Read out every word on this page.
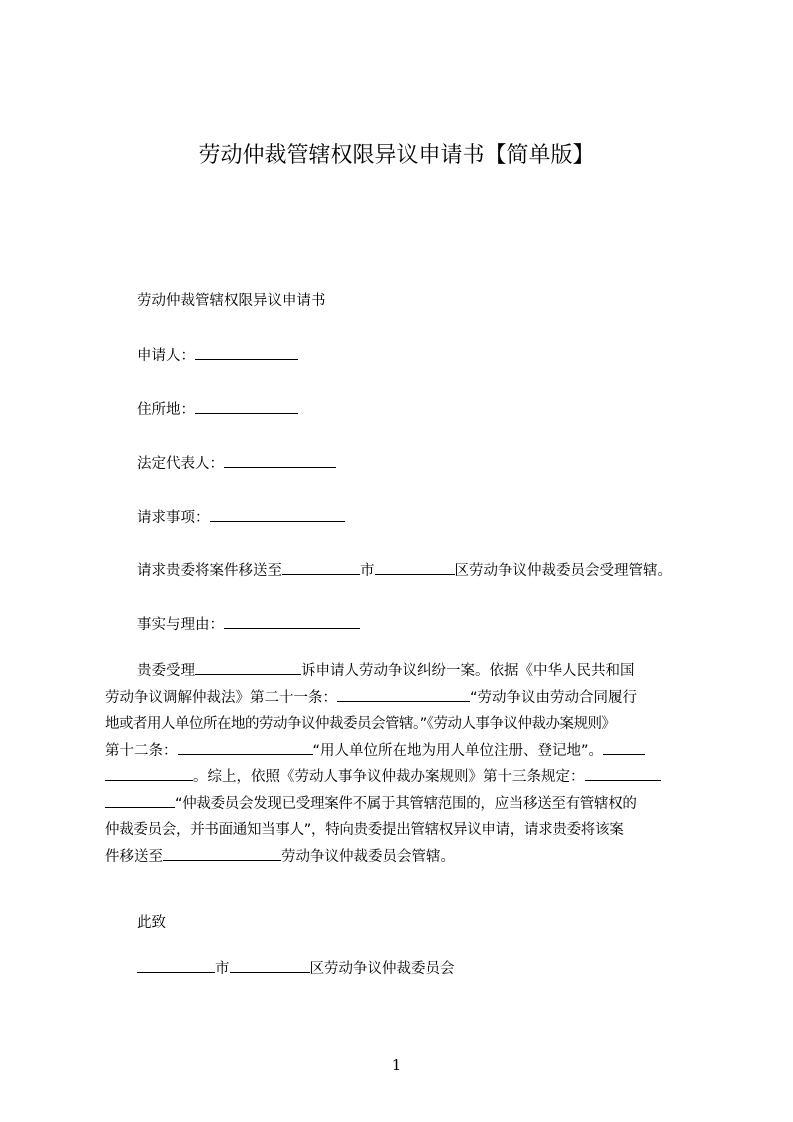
劳动仲裁管辖权限异议申请书【简单版】
劳动仲裁管辖权限异议申请书
申请人：
住所地：
法定代表人：
请求事项：
请求贵委将案件移送至	市	区劳动争议仲裁委员会受理管辖。
事实与理由：
贵委受理	诉申请人劳动争议纠纷一案。依据《中华人民共和国
劳动争议调解仲裁法》第二十一条：	“劳动争议由劳动合同履行
地或者用人单位所在地的劳动争议仲裁委员会管辖。”《劳动人事争议仲裁办案规则》
第十二条：	“用人单位所在地为用人单位注册、登记地”。
。综上，依照《劳动人事争议仲裁办案规则》第十三条规定：
“仲裁委员会发现已受理案件不属于其管辖范围的，应当移送至有管辖权的
仲裁委员会，并书面通知当事人”，特向贵委提出管辖权异议申请，请求贵委将该案
件移送至	劳动争议仲裁委员会管辖。
此致
市	区劳动争议仲裁委员会
1
